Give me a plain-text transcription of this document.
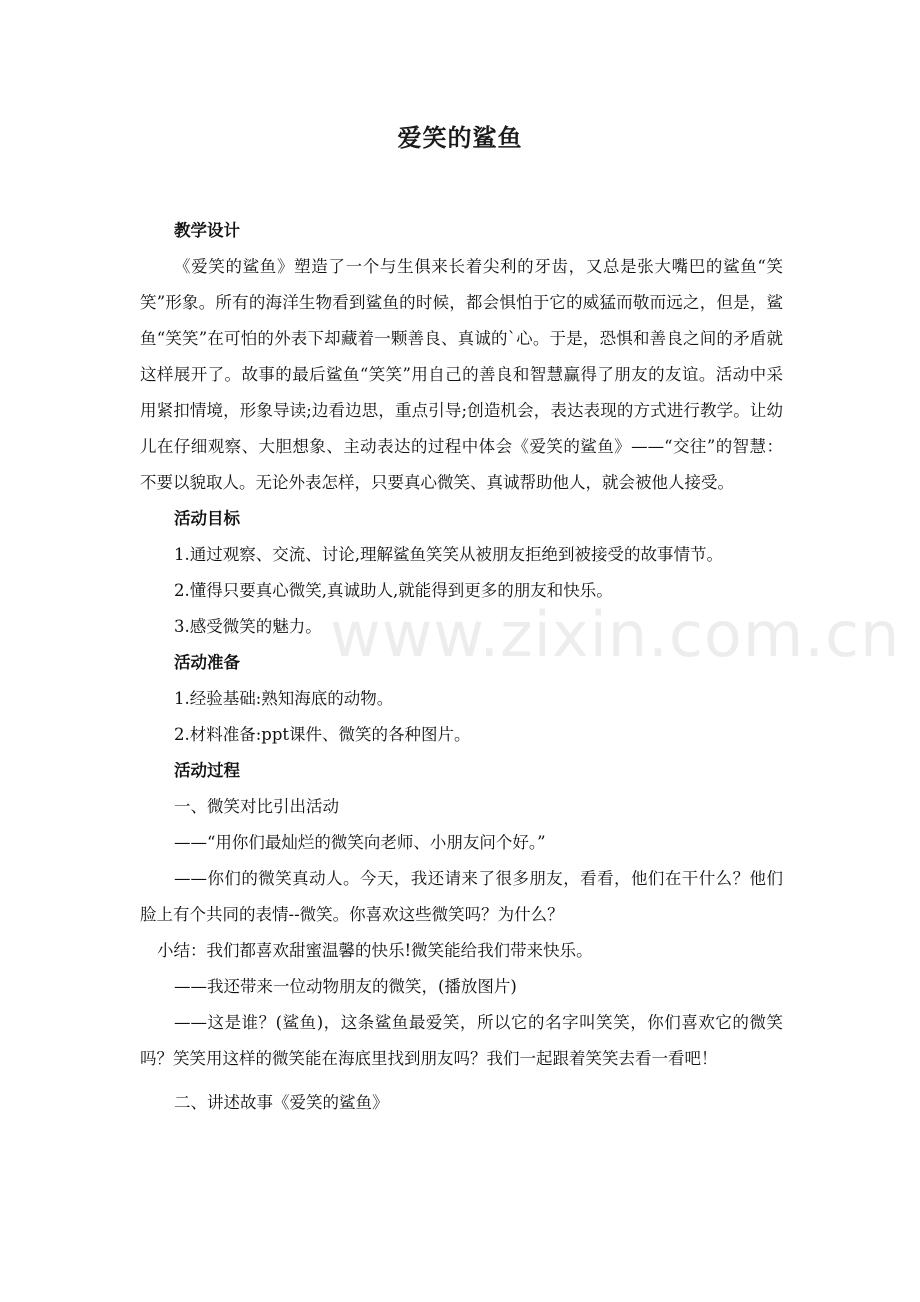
www.zixin.com.cn
爱笑的鲨鱼

教学设计

《爱笑的鲨鱼》塑造了一个与生俱来长着尖利的牙齿，又总是张大嘴巴的鲨鱼“笑笑”形象。所有的海洋生物看到鲨鱼的时候，都会惧怕于它的威猛而敬而远之，但是，鲨鱼“笑笑”在可怕的外表下却藏着一颗善良、真诚的`心。于是，恐惧和善良之间的矛盾就这样展开了。故事的最后鲨鱼“笑笑”用自己的善良和智慧赢得了朋友的友谊。活动中采用紧扣情境，形象导读;边看边思，重点引导;创造机会，表达表现的方式进行教学。让幼儿在仔细观察、大胆想象、主动表达的过程中体会《爱笑的鲨鱼》——“交往”的智慧：不要以貌取人。无论外表怎样，只要真心微笑、真诚帮助他人，就会被他人接受。

活动目标

1.通过观察、交流、讨论,理解鲨鱼笑笑从被朋友拒绝到被接受的故事情节。

2.懂得只要真心微笑,真诚助人,就能得到更多的朋友和快乐。

3.感受微笑的魅力。

活动准备

1.经验基础:熟知海底的动物。

2.材料准备:ppt课件、微笑的各种图片。

活动过程

一、微笑对比引出活动

——“用你们最灿烂的微笑向老师、小朋友问个好。”

——你们的微笑真动人。今天，我还请来了很多朋友，看看，他们在干什么？他们脸上有个共同的表情--微笑。你喜欢这些微笑吗？为什么？

小结：我们都喜欢甜蜜温馨的快乐!微笑能给我们带来快乐。

——我还带来一位动物朋友的微笑，(播放图片)

——这是谁？(鲨鱼)，这条鲨鱼最爱笑，所以它的名字叫笑笑，你们喜欢它的微笑吗？笑笑用这样的微笑能在海底里找到朋友吗？我们一起跟着笑笑去看一看吧！

二、讲述故事《爱笑的鲨鱼》
